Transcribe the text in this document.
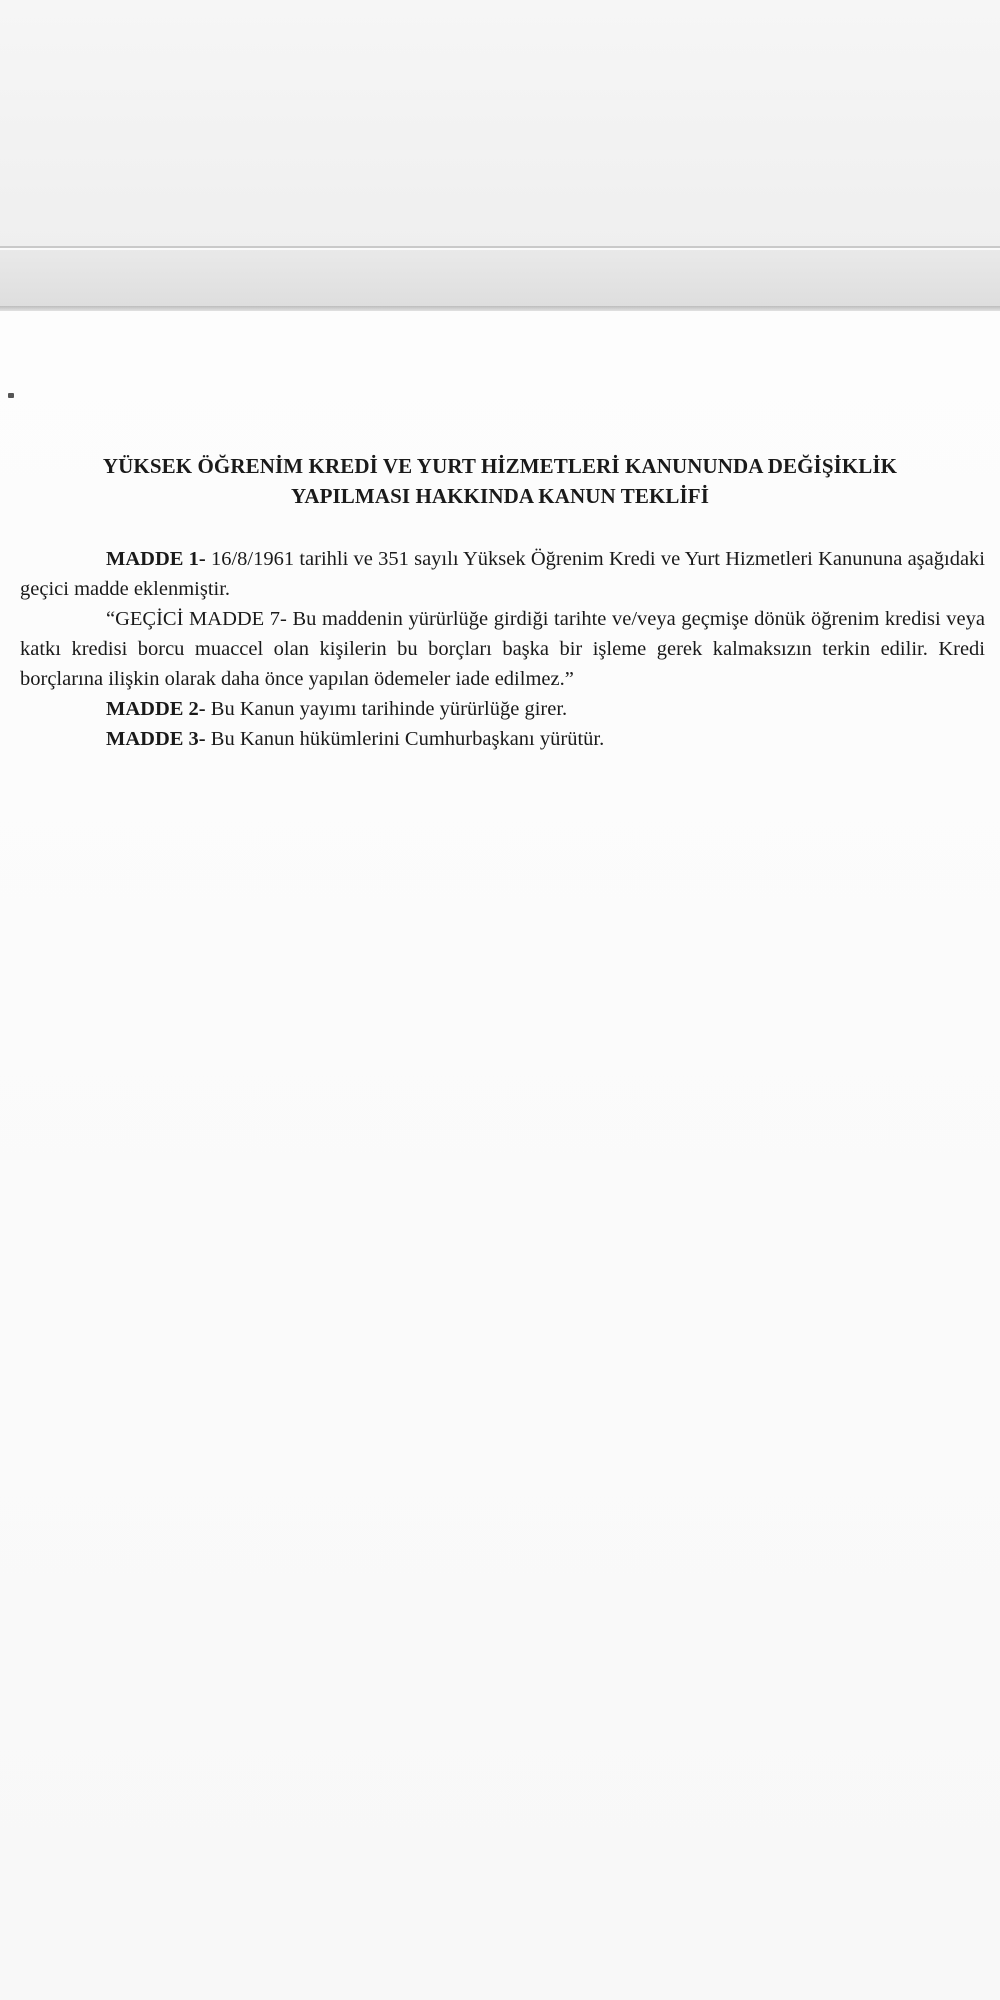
YÜKSEK ÖĞRENİM KREDİ VE YURT HİZMETLERİ KANUNUNDA DEĞİŞİKLİK
YAPILMASI HAKKINDA KANUN TEKLİFİ

MADDE 1- 16/8/1961 tarihli ve 351 sayılı Yüksek Öğrenim Kredi ve Yurt Hizmetleri Kanununa aşağıdaki geçici madde eklenmiştir.

“GEÇİCİ MADDE 7- Bu maddenin yürürlüğe girdiği tarihte ve/veya geçmişe dönük öğrenim kredisi veya katkı kredisi borcu muaccel olan kişilerin bu borçları başka bir işleme gerek kalmaksızın terkin edilir. Kredi borçlarına ilişkin olarak daha önce yapılan ödemeler iade edilmez.”

MADDE 2- Bu Kanun yayımı tarihinde yürürlüğe girer.

MADDE 3- Bu Kanun hükümlerini Cumhurbaşkanı yürütür.
